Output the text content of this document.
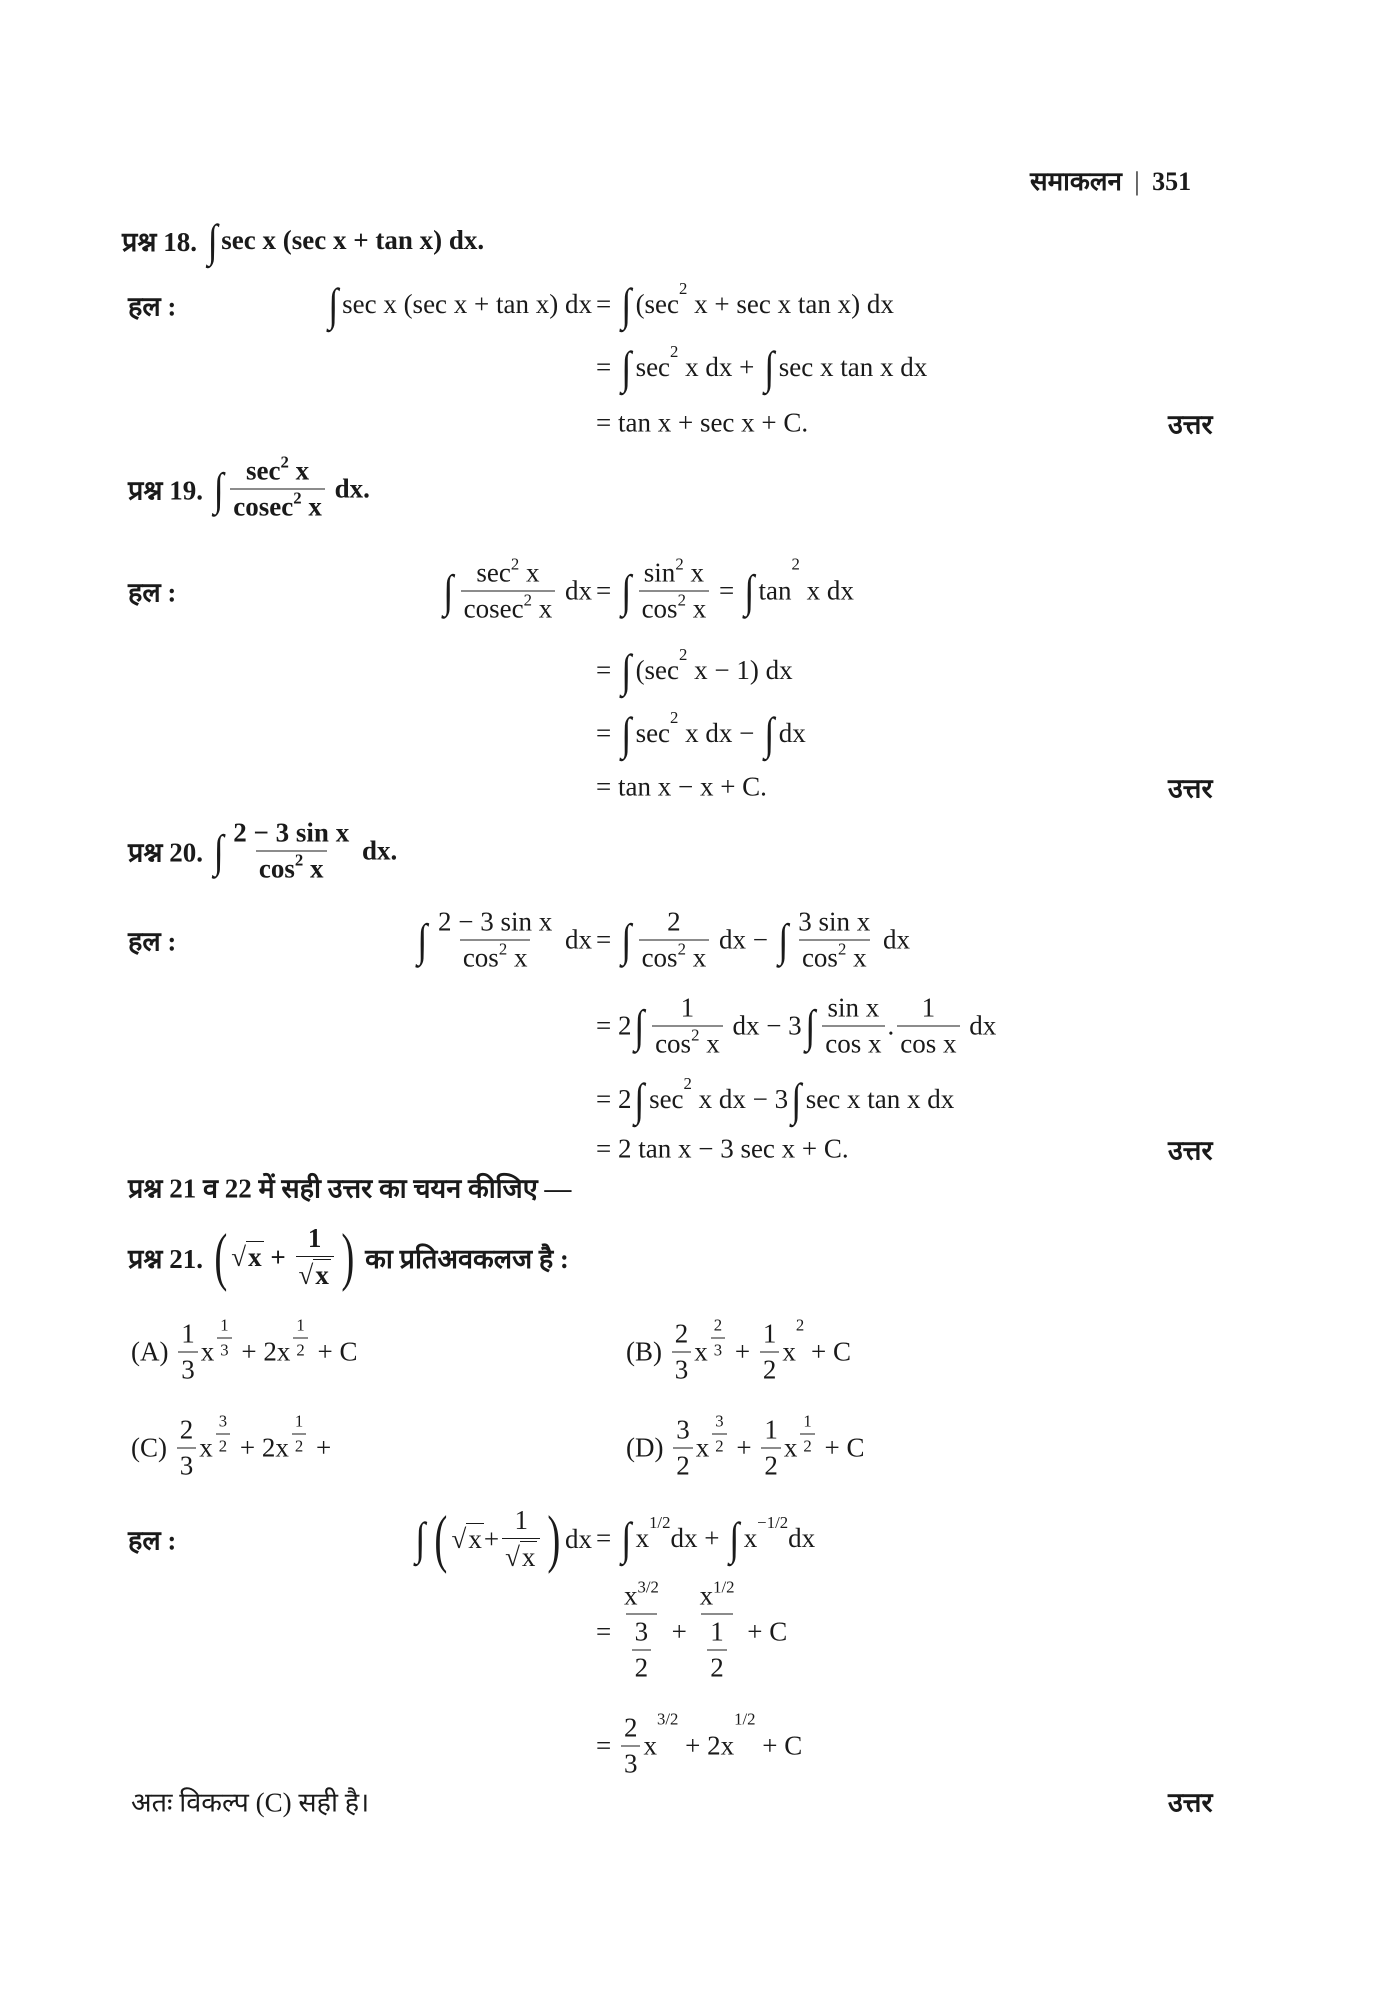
समाकलन | 351
प्रश्न 18. ∫ sec x (sec x + tan x) dx.
हल :	∫ sec x (sec x + tan x) dx = ∫ (sec
2
x + sec x tan x) dx
= ∫ sec
2
x dx + ∫ sec x tan x dx
= tan x + sec x + C.	उत्तर
प्रश्न 19. ∫ $\frac{\sec 2 x}{cosec 2 x}$ dx.
हल :	∫ $\frac{\sec 2 x}{cosec 2 x}$ dx = ∫ $\frac{\sin 2 x}{\cos 2 x}$ = ∫ tan
2
x dx
= ∫ (sec
2
x − 1) dx
= ∫ sec
2
x dx − ∫ dx
= tan x − x + C.	उत्तर
प्रश्न 20. ∫ $\frac{\text{2 − 3 sin x}}{\cos 2 x}$ dx.
हल :	∫ $\frac{\text{2 − 3 sin x}}{\cos 2 x}$ dx = ∫ $\frac{2}{\cos 2 x}$ dx − ∫ $\frac{\text{3 sin x}}{\cos 2 x}$ dx
= 2 ∫ $\frac{1}{\cos 2 x}$ dx − 3 ∫ $\frac{\text{sin x}}{\text{cos x}}$ . $\frac{1}{\text{cos x}}$ dx
= 2 ∫ sec
2
x dx − 3 ∫ sec x tan x dx
= 2 tan x − 3 sec x + C.	उत्तर
प्रश्न 21 व 22 में सही उत्तर का चयन कीजिए —
प्रश्न 21. ( √ $x + \frac{1}{√ x}$ ) का प्रतिअवकलज है :
$(A) \frac{1}{3}$ x $\frac{1}{3} + 2x \frac{1}{2} + C$	$(B) \frac{2}{3}$ x $\frac{2}{3} + \frac{1}{2}$ x
2
+ C
$(C) \frac{2}{3}$ x $\frac{3}{2} + 2x \frac{1}{2}$ +	$(D) \frac{3}{2}$ x $\frac{3}{2} + \frac{1}{2}$ x $\frac{1}{2} + C$
हल :	∫ ( √ $x + \frac{1}{√ x}$ ) dx = ∫ x
1/2
dx + ∫ x
−1/2
dx
= $\frac{x 3/2}{\frac{3}{2}} + \frac{x 1/2}{\frac{1}{2}} + C$
= $\frac{2}{3}$ x
3/2
+ 2x
1/2
+ C
अतः विकल्प (C) सही है।	उत्तर
